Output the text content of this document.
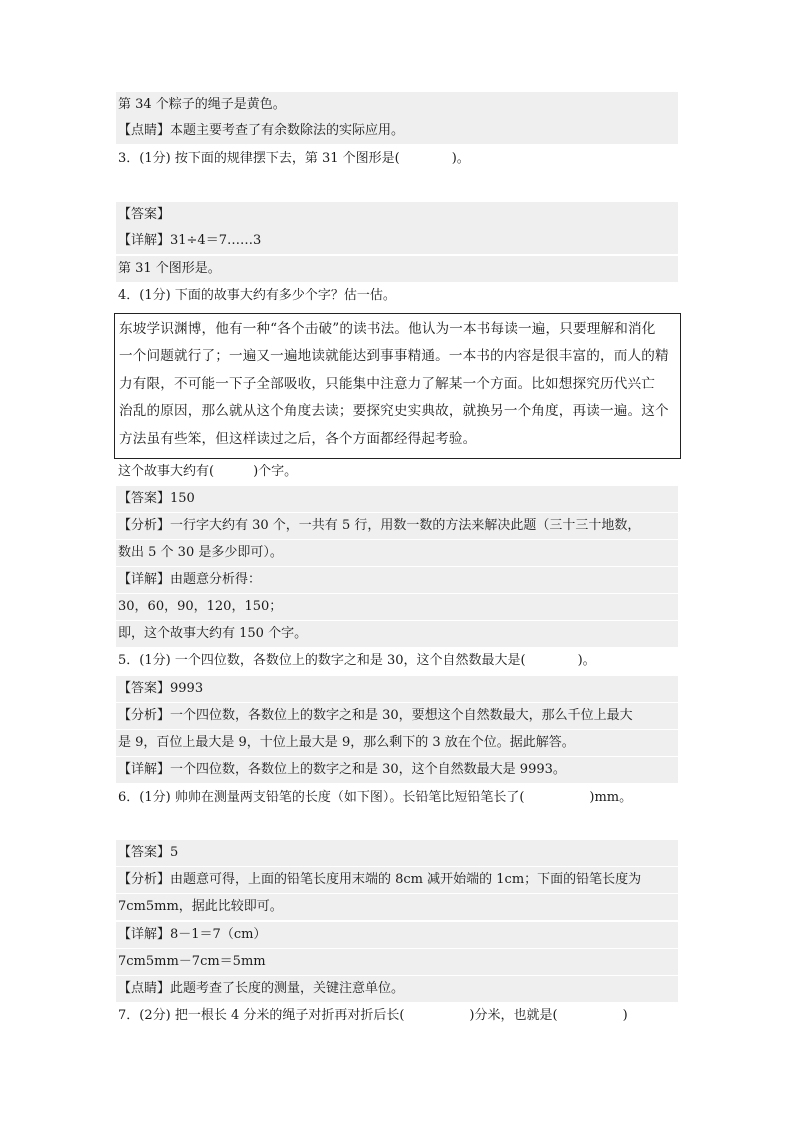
第 34 个粽子的绳子是黄色。
【点睛】本题主要考查了有余数除法的实际应用。
3．(1分) 按下面的规律摆下去，第 31 个图形是(　　　　)。
【答案】
【详解】31÷4＝7……3
第 31 个图形是。
4．(1分) 下面的故事大约有多少个字？估一估。
东坡学识渊博，他有一种“各个击破”的读书法。他认为一本书每读一遍，只要理解和消化
一个问题就行了；一遍又一遍地读就能达到事事精通。一本书的内容是很丰富的，而人的精
力有限，不可能一下子全部吸收，只能集中注意力了解某一个方面。比如想探究历代兴亡
治乱的原因，那么就从这个角度去读；要探究史实典故，就换另一个角度，再读一遍。这个
方法虽有些笨，但这样读过之后，各个方面都经得起考验。
这个故事大约有(　　　)个字。
【答案】150
【分析】一行字大约有 30 个，一共有 5 行，用数一数的方法来解决此题（三十三十地数，
数出 5 个 30 是多少即可）。
【详解】由题意分析得：
30，60，90，120，150；
即，这个故事大约有 150 个字。
5．(1分) 一个四位数，各数位上的数字之和是 30，这个自然数最大是(　　　　)。
【答案】9993
【分析】一个四位数，各数位上的数字之和是 30，要想这个自然数最大，那么千位上最大
是 9，百位上最大是 9，十位上最大是 9，那么剩下的 3 放在个位。据此解答。
【详解】一个四位数，各数位上的数字之和是 30，这个自然数最大是 9993。
6．(1分) 帅帅在测量两支铅笔的长度（如下图）。长铅笔比短铅笔长了(　　　　　)mm。
【答案】5
【分析】由题意可得，上面的铅笔长度用末端的 8cm 减开始端的 1cm；下面的铅笔长度为
7cm5mm，据此比较即可。
【详解】8－1＝7（cm）
7cm5mm－7cm＝5mm
【点睛】此题考查了长度的测量，关键注意单位。
7．(2分) 把一根长 4 分米的绳子对折再对折后长(　　　　　)分米，也就是(　　　　　)
